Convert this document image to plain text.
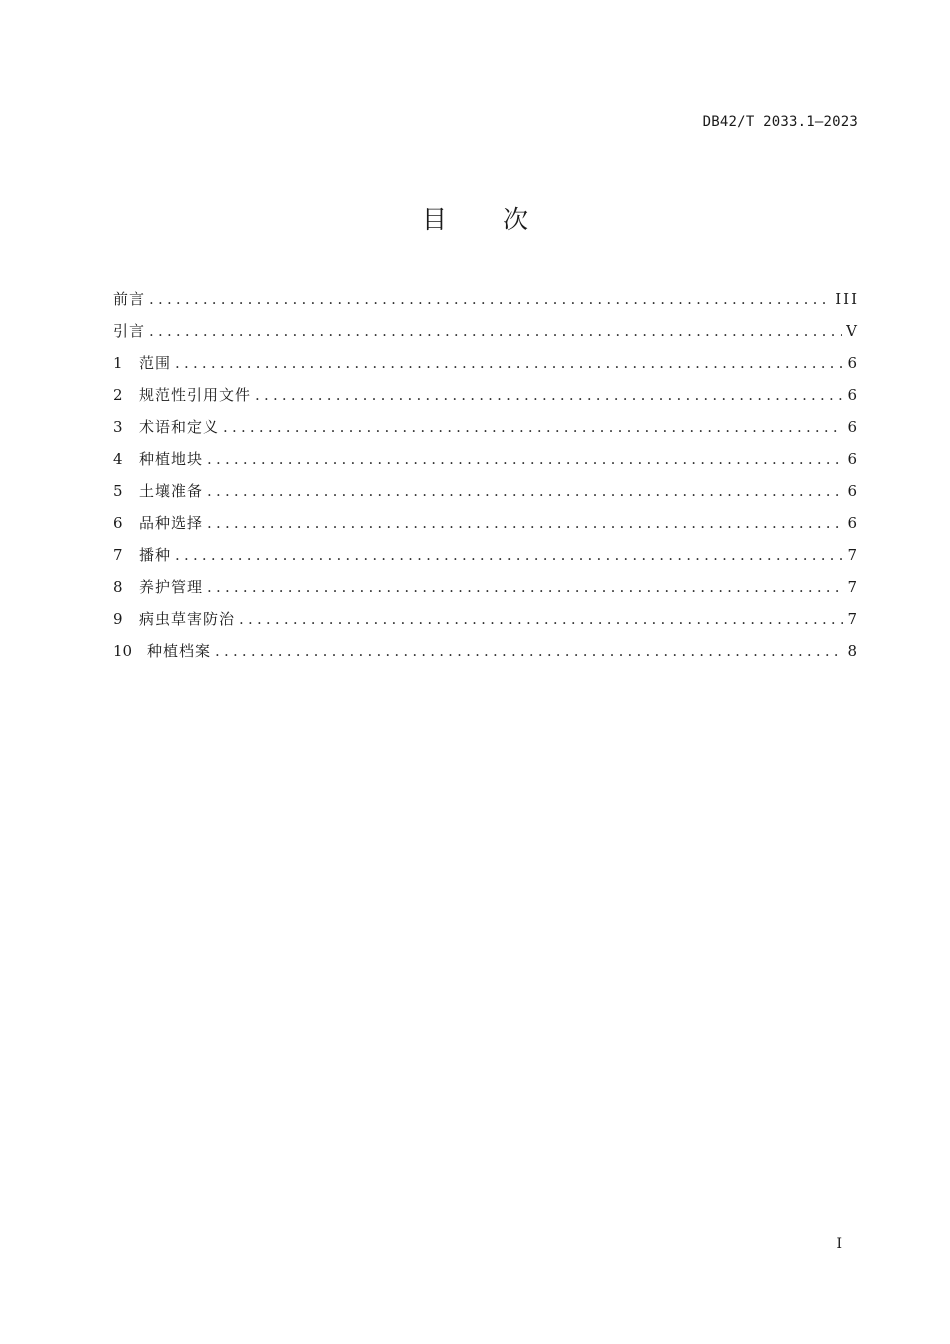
DB42/T 2033.1—2023
目 次
前言 .....	III
引言 .....	V
1	范围 .....	6
2	规范性引用文件 .....	6
3	术语和定义 .....	6
4	种植地块 .....	6
5	土壤准备 .....	6
6	品种选择 .....	6
7	播种 .....	7
8	养护管理 .....	7
9	病虫草害防治 .....	7
10 种植档案 .....	8
I
